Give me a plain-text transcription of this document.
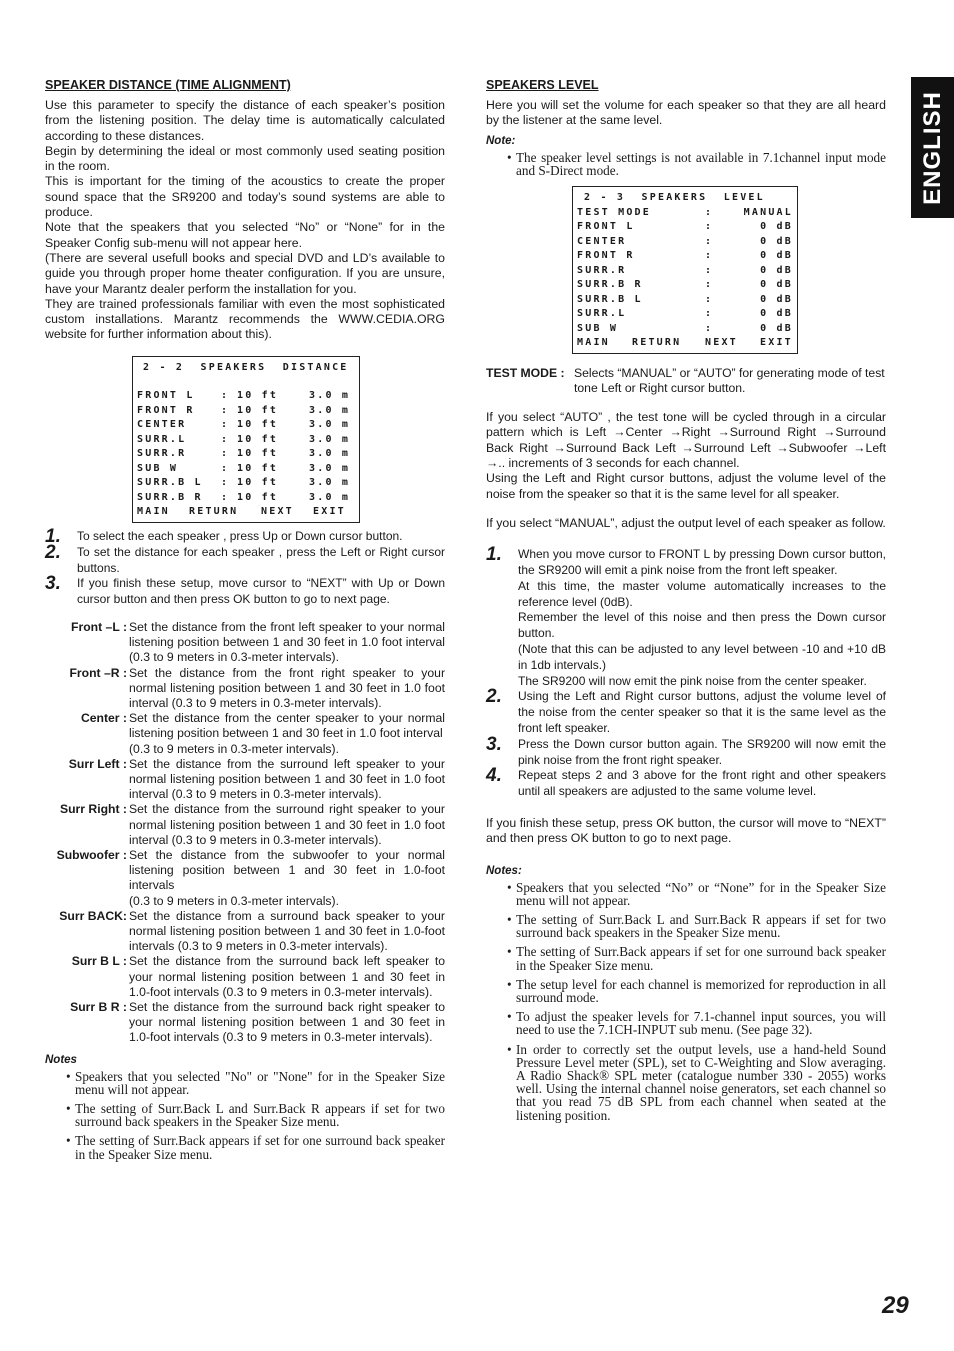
ENGLISH
SPEAKER DISTANCE (TIME ALIGNMENT)

Use this parameter to specify the distance of each speaker’s position from the listening position. The delay time is automatically calculated according to these distances.

Begin by determining the ideal or most commonly used seating position in the room.

This is important for the timing of the acoustics to create the proper sound space that the SR9200 and today’s sound systems are able to produce.

Note that the speakers that you selected “No” or “None” for in the Speaker Config sub-menu will not appear here.

(There are several usefull books and special DVD and LD’s available to guide you through proper home theater configuration. If you are unsure, have your Marantz dealer perform the installation for you.

They are trained professionals familiar with even the most sophisticated custom installations. Marantz recommends the WWW.CEDIA.ORG website for further information about this).

2 - 2  SPEAKERS  DISTANCE
FRONT L	: 10 ft	3.0 m
FRONT R	: 10 ft	3.0 m
CENTER	: 10 ft	3.0 m
SURR.L	: 10 ft	3.0 m
SURR.R	: 10 ft	3.0 m
SUB W	: 10 ft	3.0 m
SURR.B L	: 10 ft	3.0 m
SURR.B R	: 10 ft	3.0 m
MAIN	RETURN	NEXT	EXIT
1.	To select the each speaker , press Up or Down cursor button.
2.	To set the distance for each speaker , press the Left or Right cursor buttons.
3.	If you finish these setup, move cursor to “NEXT” with Up or Down cursor button and then press OK button to go to next page.
Front –L : Set the distance from the front left speaker to your normal listening position between 1 and 30 feet in 1.0 foot interval (0.3 to 9 meters in 0.3-meter intervals).
Front –R : Set the distance from the front right speaker to your normal listening position between 1 and 30 feet in 1.0 foot interval (0.3 to 9 meters in 0.3-meter intervals).
Center : Set the distance from the center speaker to your normal listening position between 1 and 30 feet in 1.0 foot interval
(0.3 to 9 meters in 0.3-meter intervals).
Surr Left : Set the distance from the surround left speaker to your normal listening position between 1 and 30 feet in 1.0 foot interval (0.3 to 9 meters in 0.3-meter intervals).
Surr Right : Set the distance from the surround right speaker to your normal listening position between 1 and 30 feet in 1.0 foot interval (0.3 to 9 meters in 0.3-meter intervals).
Subwoofer : Set the distance from the subwoofer to your normal listening position between 1 and 30 feet in 1.0-foot intervals
(0.3 to 9 meters in 0.3-meter intervals).
Surr BACK: Set the distance from a surround back speaker to your normal listening position between 1 and 30 feet in 1.0-foot intervals (0.3 to 9 meters in 0.3-meter intervals).
Surr B L : Set the distance from the surround back left speaker to your normal listening position between 1 and 30 feet in 1.0-foot intervals (0.3 to 9 meters in 0.3-meter intervals).
Surr B R : Set the distance from the surround back right speaker to your normal listening position between 1 and 30 feet in 1.0-foot intervals (0.3 to 9 meters in 0.3-meter intervals).
Notes
• Speakers that you selected "No" or "None" for in the Speaker Size menu will not appear.
• The setting of Surr.Back L and Surr.Back R appears if set for two surround back speakers in the Speaker Size menu.
• The setting of Surr.Back appears if set for one surround back speaker in the Speaker Size menu.
SPEAKERS LEVEL

Here you will set the volume for each speaker so that they are all heard by the listener at the same level.

Note:
• The speaker level settings is not available in 7.1channel input mode and S-Direct mode.
2 - 3  SPEAKERS  LEVEL
TEST MODE	:	MANUAL
FRONT L	:	0 dB
CENTER	:	0 dB
FRONT R	:	0 dB
SURR.R	:	0 dB
SURR.B R	:	0 dB
SURR.B L	:	0 dB
SURR.L	:	0 dB
SUB W	:	0 dB
MAIN	RETURN	NEXT	EXIT
TEST MODE : Selects “MANUAL” or “AUTO” for generating mode of test tone Left or Right cursor button.

If you select “AUTO” , the test tone will be cycled through in a circular pattern which is Left →Center →Right →Surround Right →Surround Back Right →Surround Back Left →Surround Left →Subwoofer →Left →.. increments of 3 seconds for each channel.

Using the Left and Right cursor buttons, adjust the volume level of the noise from the speaker so that it is the same level for all speaker.

If you select “MANUAL”, adjust the output level of each speaker as follow.

1.	When you move cursor to FRONT L by pressing Down cursor button, the SR9200 will emit a pink noise from the front left speaker.
At this time, the master volume automatically increases to the reference level (0dB).
Remember the level of this noise and then press the Down cursor button.
(Note that this can be adjusted to any level between -10 and +10 dB in 1db intervals.)
The SR9200 will now emit the pink noise from the center speaker.
2.	Using the Left and Right cursor buttons, adjust the volume level of the noise from the center speaker so that it is the same level as the front left speaker.
3.	Press the Down cursor button again. The SR9200 will now emit the pink noise from the front right speaker.
4.	Repeat steps 2 and 3 above for the front right and other speakers until all speakers are adjusted to the same volume level.

If you finish these setup, press OK button, the cursor will move to “NEXT” and then press OK button to go to next page.

Notes:
• Speakers that you selected “No” or “None” for in the Speaker Size menu will not appear.
• The setting of Surr.Back L and Surr.Back R appears if set for two surround back speakers in the Speaker Size menu.
• The setting of Surr.Back appears if set for one surround back speaker in the Speaker Size menu.
• The setup level for each channel is memorized for reproduction in all surround mode.
• To adjust the speaker levels for 7.1-channel input sources, you will need to use the 7.1CH-INPUT sub menu. (See page 32).
• In order to correctly set the output levels, use a hand-held Sound Pressure Level meter (SPL), set to C-Weighting and Slow averaging. A Radio Shack® SPL meter (catalogue number 330 - 2055) works well. Using the internal channel noise generators, set each channel so that you read 75 dB SPL from each channel when seated at the listening position.
29
